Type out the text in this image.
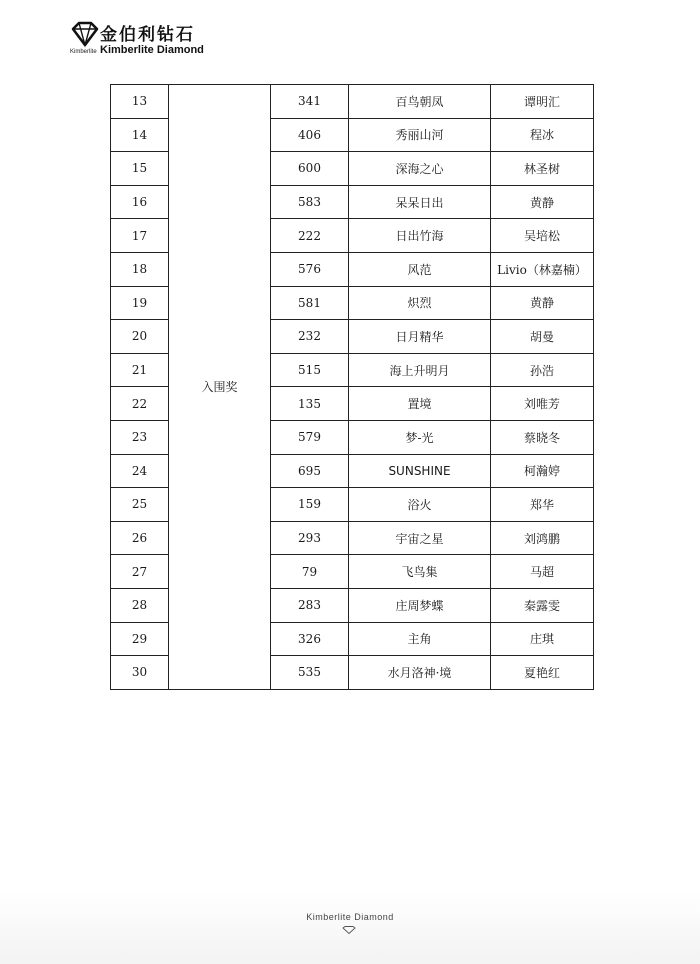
金伯利钻石
Kimberlite Kimberlite Diamond
13	入围奖	341	百鸟朝凤	谭明汇
14		406	秀丽山河	程冰
15		600	深海之心	林圣树
16		583	呆呆日出	黄静
17		222	日出竹海	吴培松
18		576	风范	Livio（林嘉楠）
19		581	炽烈	黄静
20		232	日月精华	胡曼
21		515	海上升明月	孙浩
22		135	置境	刘唯芳
23		579	梦-光	蔡晓冬
24		695	SUNSHINE	柯瀚婷
25		159	浴火	郑华
26		293	宇宙之星	刘鸿鹏
27		79	飞鸟集	马超
28		283	庄周梦蝶	秦露雯
29		326	主角	庄琪
30		535	水月洛神·境	夏艳红
Kimberlite Diamond
